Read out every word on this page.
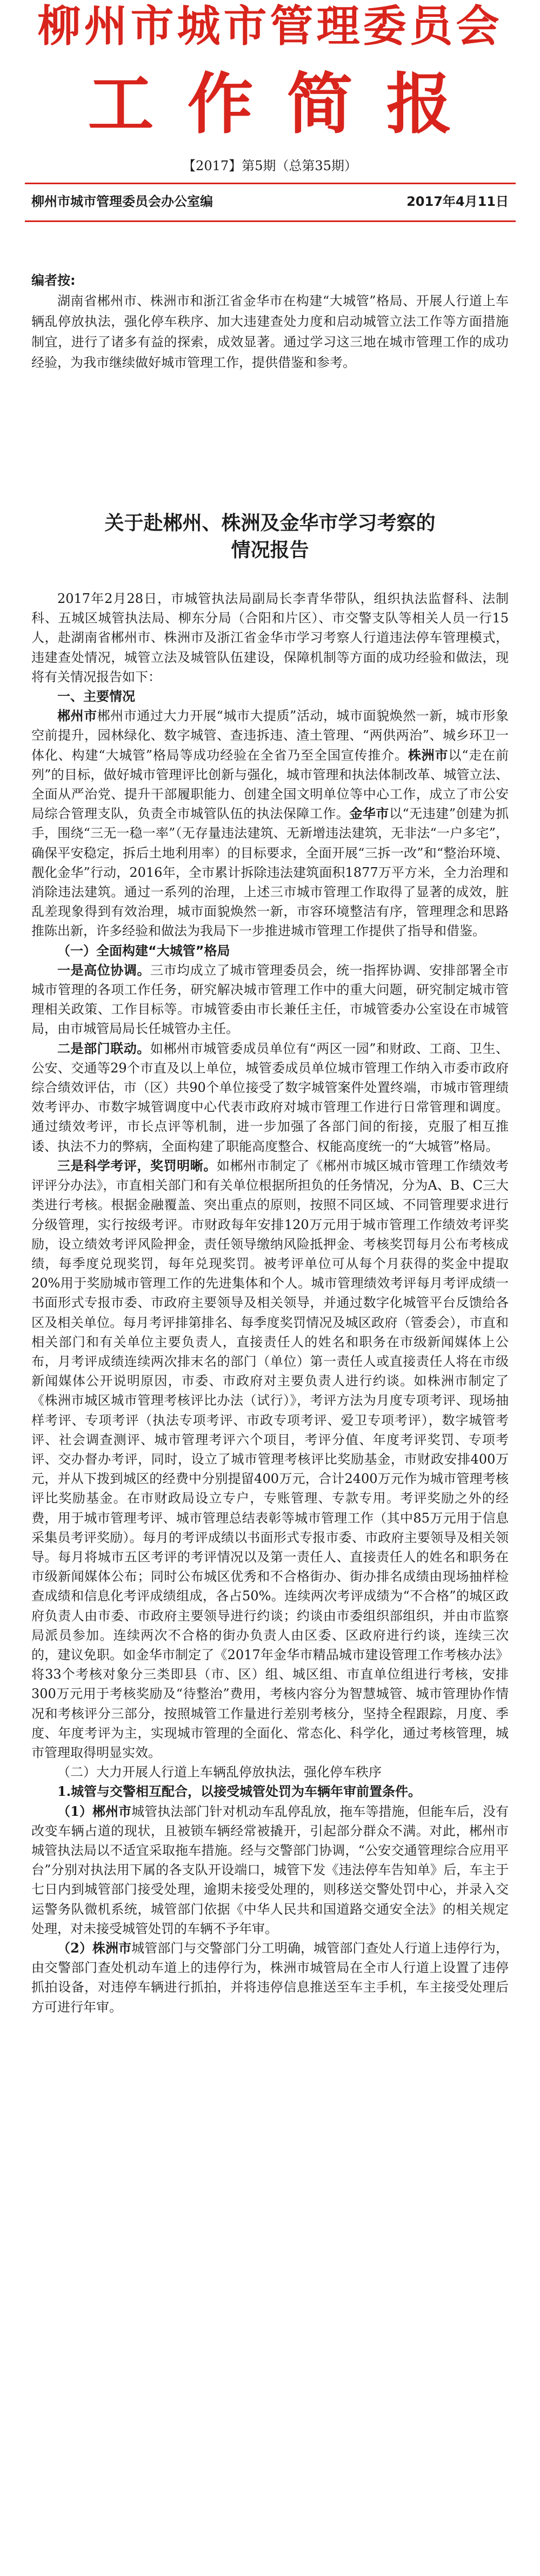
柳州市城市管理委员会
工作简报
【2017】第5期（总第35期）
柳州市城市管理委员会办公室编	2017年4月11日
编者按:

湖南省郴州市、株洲市和浙江省金华市在构建“大城管”格局、开展人行道上车辆乱停放执法，强化停车秩序、加大违建查处力度和启动城管立法工作等方面措施制宜，进行了诸多有益的探索，成效显著。通过学习这三地在城市管理工作的成功经验，为我市继续做好城市管理工作，提供借鉴和参考。

关于赴郴州、株洲及金华市学习考察的
情况报告

2017年2月28日，市城管执法局副局长李青华带队，组织执法监督科、法制科、五城区城管执法局、柳东分局（合阳和片区）、市交警支队等相关人员一行15人，赴湖南省郴州市、株洲市及浙江省金华市学习考察人行道违法停车管理模式，违建查处情况，城管立法及城管队伍建设，保障机制等方面的成功经验和做法，现将有关情况报告如下：

一、主要情况

郴州市郴州市通过大力开展“城市大提质”活动，城市面貌焕然一新，城市形象空前提升，园林绿化、数字城管、查违拆违、渣土管理、“两供两治”、城乡环卫一体化、构建“大城管”格局等成功经验在全省乃至全国宣传推介。株洲市以“走在前列”的目标，做好城市管理评比创新与强化，城市管理和执法体制改革、城管立法、全面从严治党、提升干部履职能力、创建全国文明单位等中心工作，成立了市公安局综合管理支队，负责全市城管队伍的执法保障工作。金华市以“无违建”创建为抓手，围绕“三无一稳一率”（无存量违法建筑、无新增违法建筑，无非法“一户多宅”，确保平安稳定，拆后土地利用率）的目标要求，全面开展“三拆一改”和“整治环境、靓化金华”行动，2016年，全市累计拆除违法建筑面积1877万平方米，全力治理和消除违法建筑。通过一系列的治理，上述三市城市管理工作取得了显著的成效，脏乱差现象得到有效治理，城市面貌焕然一新，市容环境整洁有序，管理理念和思路推陈出新，许多经验和做法为我局下一步推进城市管理工作提供了指导和借鉴。

（一）全面构建“大城管”格局

一是高位协调。三市均成立了城市管理委员会，统一指挥协调、安排部署全市城市管理的各项工作任务，研究解决城市管理工作中的重大问题，研究制定城市管理相关政策、工作目标等。市城管委由市长兼任主任，市城管委办公室设在市城管局，由市城管局局长任城管办主任。

二是部门联动。如郴州市城管委成员单位有“两区一园”和财政、工商、卫生、公安、交通等29个市直及以上单位，城管委成员单位城市管理工作纳入市委市政府综合绩效评估，市（区）共90个单位接受了数字城管案件处置终端，市城市管理绩效考评办、市数字城管调度中心代表市政府对城市管理工作进行日常管理和调度。通过绩效考评，市长点评等机制，进一步加强了各部门间的衔接，克服了相互推诿、执法不力的弊病，全面构建了职能高度整合、权能高度统一的“大城管”格局。

三是科学考评，奖罚明晰。如郴州市制定了《郴州市城区城市管理工作绩效考评评分办法》，市直相关部门和有关单位根据所担负的任务情况，分为A、B、C三大类进行考核。根据金融覆盖、突出重点的原则，按照不同区域、不同管理要求进行分级管理，实行按级考评。市财政每年安排120万元用于城市管理工作绩效考评奖励，设立绩效考评风险押金，责任领导缴纳风险抵押金、考核奖罚每月公布考核成绩，每季度兑现奖罚，每年兑现奖罚。被考评单位可从每个月获得的奖金中提取20%用于奖励城市管理工作的先进集体和个人。城市管理绩效考评每月考评成绩一书面形式专报市委、市政府主要领导及相关领导，并通过数字化城管平台反馈给各区及相关单位。每月考评排第排名、每季度奖罚情况及城区政府（管委会），市直和相关部门和有关单位主要负责人，直接责任人的姓名和职务在市级新闻媒体上公布，月考评成绩连续两次排末名的部门（单位）第一责任人或直接责任人将在市级新闻媒体公开说明原因，市委、市政府对主要负责人进行约谈。如株洲市制定了《株洲市城区城市管理考核评比办法（试行）》，考评方法为月度专项考评、现场抽样考评、专项考评（执法专项考评、市政专项考评、爱卫专项考评），数字城管考评、社会调查测评、城市管理考评六个项目，考评分值、年度考评奖罚、专项考评、交办督办考评，同时，设立了城市管理考核评比奖励基金，市财政安排400万元，并从下拨到城区的经费中分别提留400万元，合计2400万元作为城市管理考核评比奖励基金。在市财政局设立专户，专账管理、专款专用。考评奖励之外的经费，用于城市管理考评、城市管理总结表彰等城市管理工作（其中85万元用于信息采集员考评奖励）。每月的考评成绩以书面形式专报市委、市政府主要领导及相关领导。每月将城市五区考评的考评情况以及第一责任人、直接责任人的姓名和职务在市级新闻媒体公布；同时公布城区优秀和不合格街办、街办排名成绩由现场抽样检查成绩和信息化考评成绩组成，各占50%。连续两次考评成绩为“不合格”的城区政府负责人由市委、市政府主要领导进行约谈；约谈由市委组织部组织，并由市监察局派员参加。连续两次不合格的街办负责人由区委、区政府进行约谈，连续三次的，建议免职。如金华市制定了《2017年金华市精品城市建设管理工作考核办法》将33个考核对象分三类即县（市、区）组、城区组、市直单位组进行考核，安排300万元用于考核奖励及“待整治”费用，考核内容分为智慧城管、城市管理协作情况和考核评分三部分，按照城管工作量进行差别考核分，坚持全程跟踪，月度、季度、年度考评为主，实现城市管理的全面化、常态化、科学化，通过考核管理，城市管理取得明显实效。

（二）大力开展人行道上车辆乱停放执法，强化停车秩序

1.城管与交警相互配合，以接受城管处罚为车辆年审前置条件。

（1）郴州市城管执法部门针对机动车乱停乱放，拖车等措施，但能车后，没有改变车辆占道的现状，且被锁车辆经常被撬开，引起部分群众不满。对此，郴州市城管执法局以不适宜采取拖车措施。经与交警部门协调，“公安交通管理综合应用平台”分别对执法用下属的各支队开设端口，城管下发《违法停车告知单》后，车主于七日内到城管部门接受处理，逾期未接受处理的，则移送交警处罚中心，并录入交运警务队微机系统，城管部门依据《中华人民共和国道路交通安全法》的相关规定处理，对未接受城管处罚的车辆不予年审。

（2）株洲市城管部门与交警部门分工明确，城管部门查处人行道上违停行为，由交警部门查处机动车道上的违停行为，株洲市城管局在全市人行道上设置了违停抓拍设备，对违停车辆进行抓拍，并将违停信息推送至车主手机，车主接受处理后方可进行年审。
